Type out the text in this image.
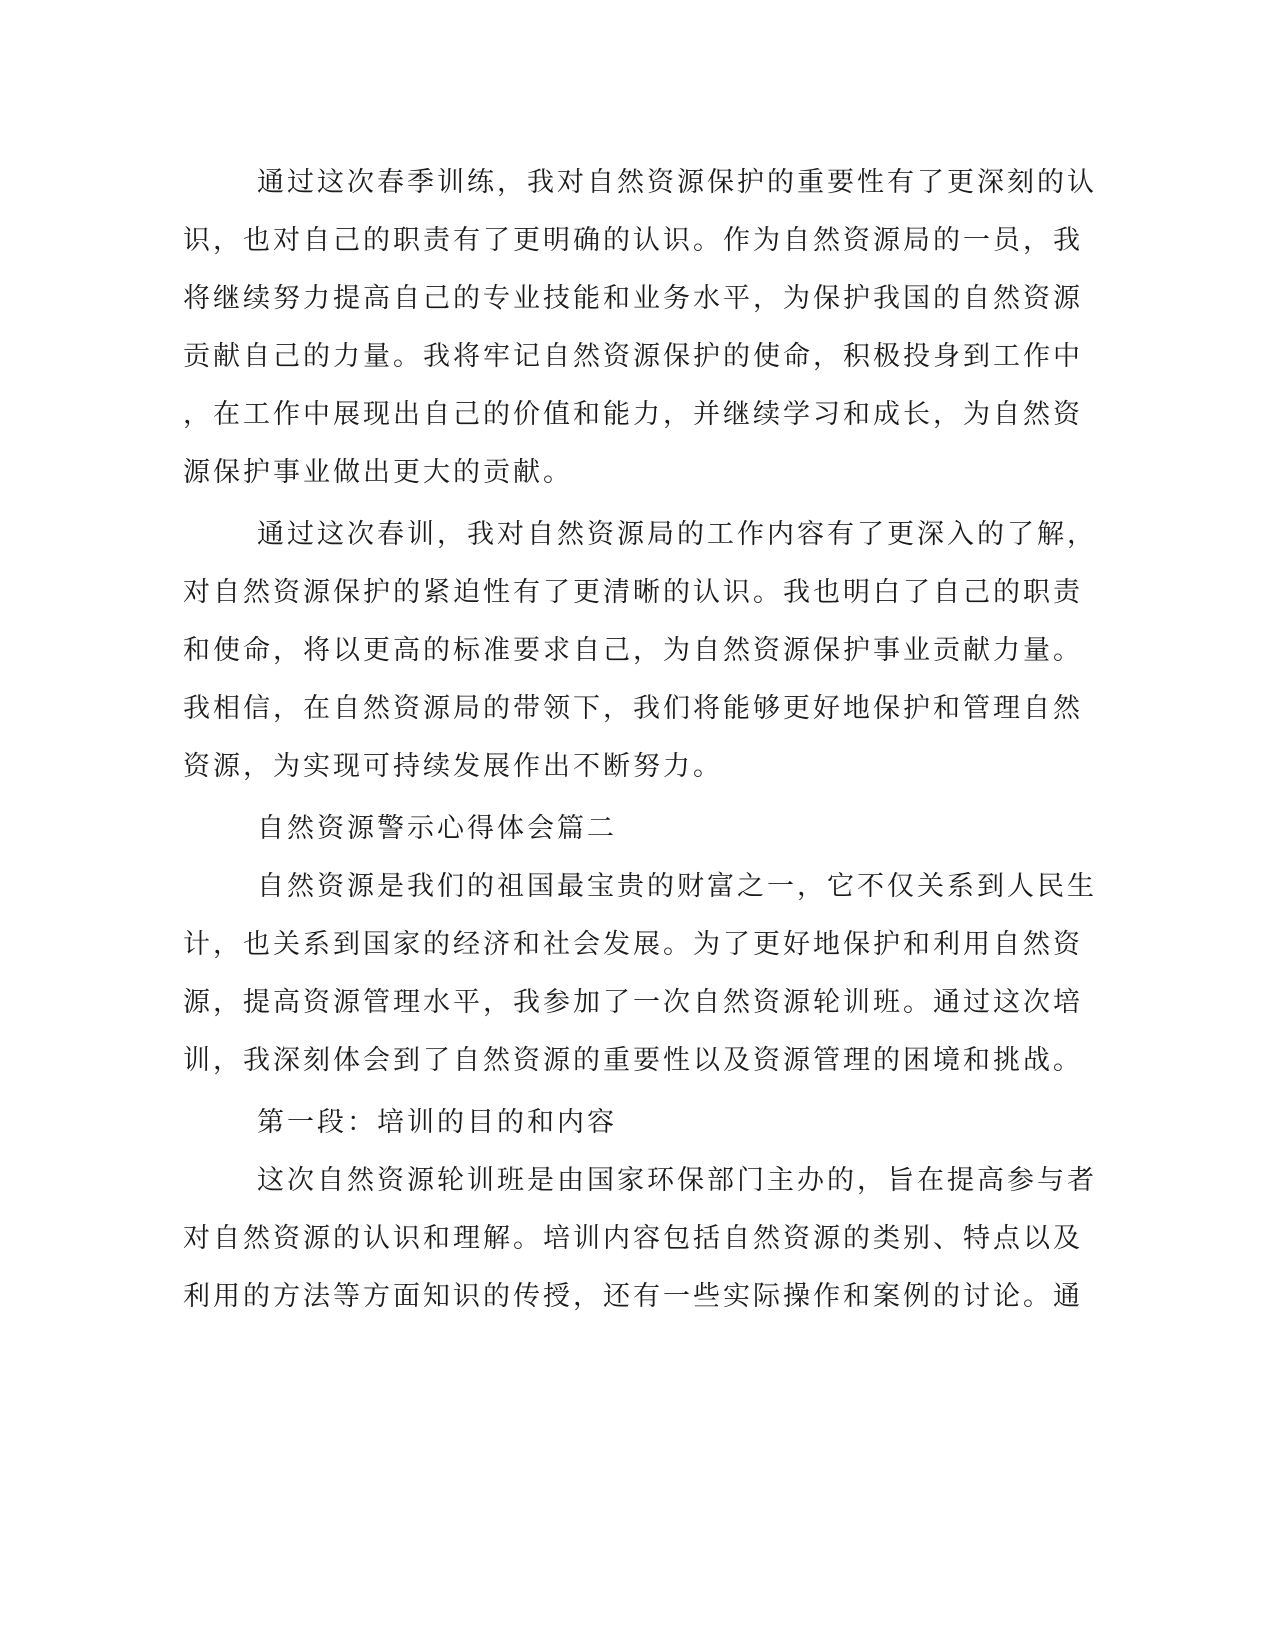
通过这次春季训练，我对自然资源保护的重要性有了更深刻的认
识，也对自己的职责有了更明确的认识。作为自然资源局的一员，我
将继续努力提高自己的专业技能和业务水平，为保护我国的自然资源
贡献自己的力量。我将牢记自然资源保护的使命，积极投身到工作中
，在工作中展现出自己的价值和能力，并继续学习和成长，为自然资
源保护事业做出更大的贡献。
通过这次春训，我对自然资源局的工作内容有了更深入的了解，
对自然资源保护的紧迫性有了更清晰的认识。我也明白了自己的职责
和使命，将以更高的标准要求自己，为自然资源保护事业贡献力量。
我相信，在自然资源局的带领下，我们将能够更好地保护和管理自然
资源，为实现可持续发展作出不断努力。
自然资源警示心得体会篇二
自然资源是我们的祖国最宝贵的财富之一，它不仅关系到人民生
计，也关系到国家的经济和社会发展。为了更好地保护和利用自然资
源，提高资源管理水平，我参加了一次自然资源轮训班。通过这次培
训，我深刻体会到了自然资源的重要性以及资源管理的困境和挑战。
第一段：培训的目的和内容
这次自然资源轮训班是由国家环保部门主办的，旨在提高参与者
对自然资源的认识和理解。培训内容包括自然资源的类别、特点以及
利用的方法等方面知识的传授，还有一些实际操作和案例的讨论。通
